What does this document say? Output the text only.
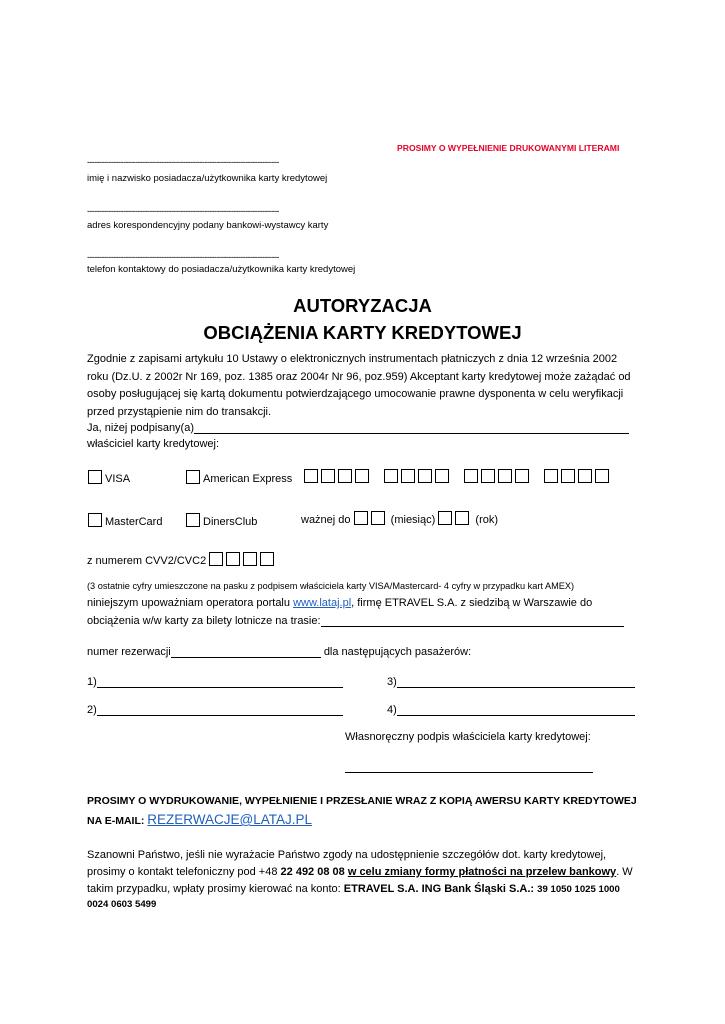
PROSIMY O WYPEŁNIENIE DRUKOWANYMI LITERAMI
--------------------------------------------------------------------------------
imię i nazwisko posiadacza/użytkownika karty kredytowej
--------------------------------------------------------------------------------
adres korespondencyjny podany bankowi-wystawcy karty
--------------------------------------------------------------------------------
telefon kontaktowy do posiadacza/użytkownika karty kredytowej
AUTORYZACJA
OBCIĄŻENIA KARTY KREDYTOWEJ
Zgodnie z zapisami artykułu 10 Ustawy o elektronicznych instrumentach płatniczych z dnia 12 września 2002 roku (Dz.U. z 2002r Nr 169, poz. 1385 oraz 2004r Nr 96, poz.959) Akceptant karty kredytowej może zażądać od osoby posługującej się kartą dokumentu potwierdzającego umocowanie prawne dysponenta w celu weryfikacji przed przystąpienie nim do transakcji.
Ja, niżej podpisany(a)
właściciel karty kredytowej:
VISA	American Express
MasterCard	DinersClub	ważnej do	(miesiąc)	(rok)
z numerem CVV2/CVC2
(3 ostatnie cyfry umieszczone na pasku z podpisem właściciela karty VISA/Mastercard- 4 cyfry w przypadku kart AMEX)
niniejszym upoważniam operatora portalu www.lataj.pl, firmę ETRAVEL S.A. z siedzibą w Warszawie do
obciążenia w/w karty za bilety lotnicze na trasie:
numer rezerwacji	dla następujących pasażerów:
1)	3)
2)	4)
Własnoręczny podpis właściciela karty kredytowej:
PROSIMY O WYDRUKOWANIE, WYPEŁNIENIE I PRZESŁANIE WRAZ Z KOPIĄ AWERSU KARTY KREDYTOWEJ
NA E-MAIL: REZERWACJE@LATAJ.PL
Szanowni Państwo, jeśli nie wyrażacie Państwo zgody na udostępnienie szczegółów dot. karty kredytowej,
prosimy o kontakt telefoniczny pod +48 22 492 08 08 w celu zmiany formy płatności na przelew bankowy. W
takim przypadku, wpłaty prosimy kierować na konto: ETRAVEL S.A. ING Bank Śląski S.A.: 39 1050 1025 1000
0024 0603 5499
